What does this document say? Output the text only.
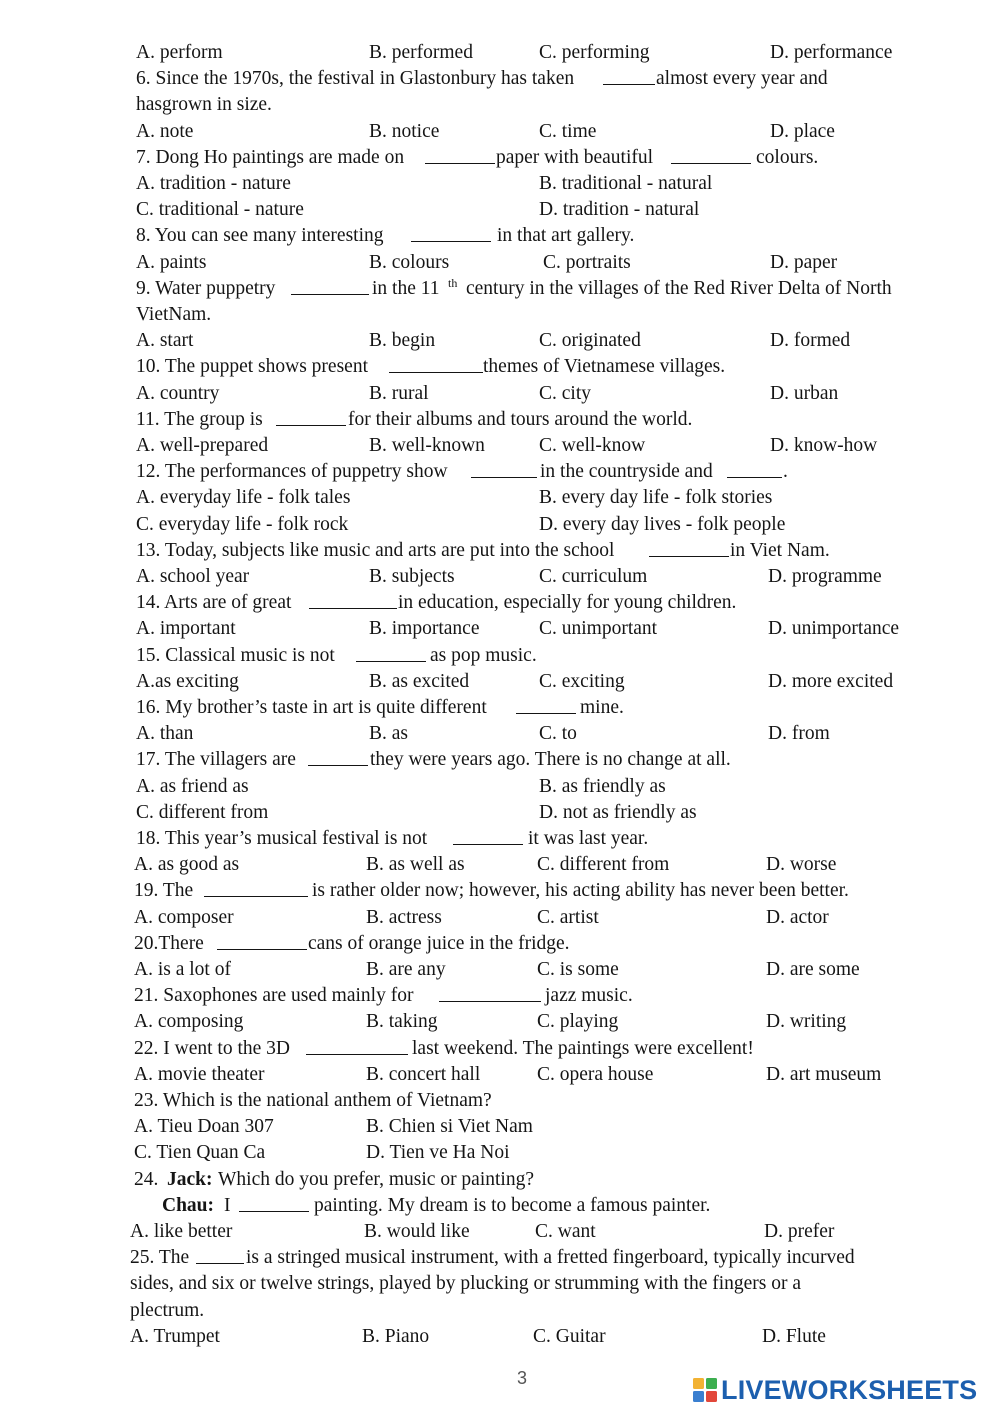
A. perform	B. performed	C. performing	D. performance
6. Since the 1970s, the festival in Glastonbury has taken	almost every year and
hasgrown in size.
A. note	B. notice	C. time	D. place
7. Dong Ho paintings are made on	paper with beautiful	colours.
A. tradition - nature	B. traditional - natural
C. traditional - nature	D. tradition - natural
8. You can see many interesting	in that art gallery.
A. paints	B. colours	C. portraits	D. paper
9. Water puppetry	in the 11 th century in the villages of the Red River Delta of North
VietNam.
A. start	B. begin	C. originated	D. formed
10. The puppet shows present	themes of Vietnamese villages.
A. country	B. rural	C. city	D. urban
11. The group is	for their albums and tours around the world.
A. well-prepared	B. well-known	C. well-know	D. know-how
12. The performances of puppetry show	in the countryside and	.
A. everyday life - folk tales	B. every day life - folk stories
C. everyday life - folk rock	D. every day lives - folk people
13. Today, subjects like music and arts are put into the school	in Viet Nam.
A. school year	B. subjects	C. curriculum	D. programme
14. Arts are of great	in education, especially for young children.
A. important	B. importance	C. unimportant	D. unimportance
15. Classical music is not	as pop music.
A.as exciting	B. as excited	C. exciting	D. more excited
16. My brother’s taste in art is quite different	mine.
A. than	B. as	C. to	D. from
17. The villagers are	they were years ago. There is no change at all.
A. as friend as	B. as friendly as
C. different from	D. not as friendly as
18. This year’s musical festival is not	it was last year.
A. as good as	B. as well as	C. different from	D. worse
19. The	is rather older now; however, his acting ability has never been better.
A. composer	B. actress	C. artist	D. actor
20.There	cans of orange juice in the fridge.
A. is a lot of	B. are any	C. is some	D. are some
21. Saxophones are used mainly for	jazz music.
A. composing	B. taking	C. playing	D. writing
22. I went to the 3D	last weekend. The paintings were excellent!
A. movie theater	B. concert hall	C. opera house	D. art museum
23. Which is the national anthem of Vietnam?
A. Tieu Doan 307	B. Chien si Viet Nam
C. Tien Quan Ca	D. Tien ve Ha Noi
24. Jack: Which do you prefer, music or painting?
Chau: I	painting. My dream is to become a famous painter.
A. like better	B. would like	C. want	D. prefer
25. The	is a stringed musical instrument, with a fretted fingerboard, typically incurved
sides, and six or twelve strings, played by plucking or strumming with the fingers or a
plectrum.
A. Trumpet	B. Piano	C. Guitar	D. Flute
3	LIVEWORKSHEETS
